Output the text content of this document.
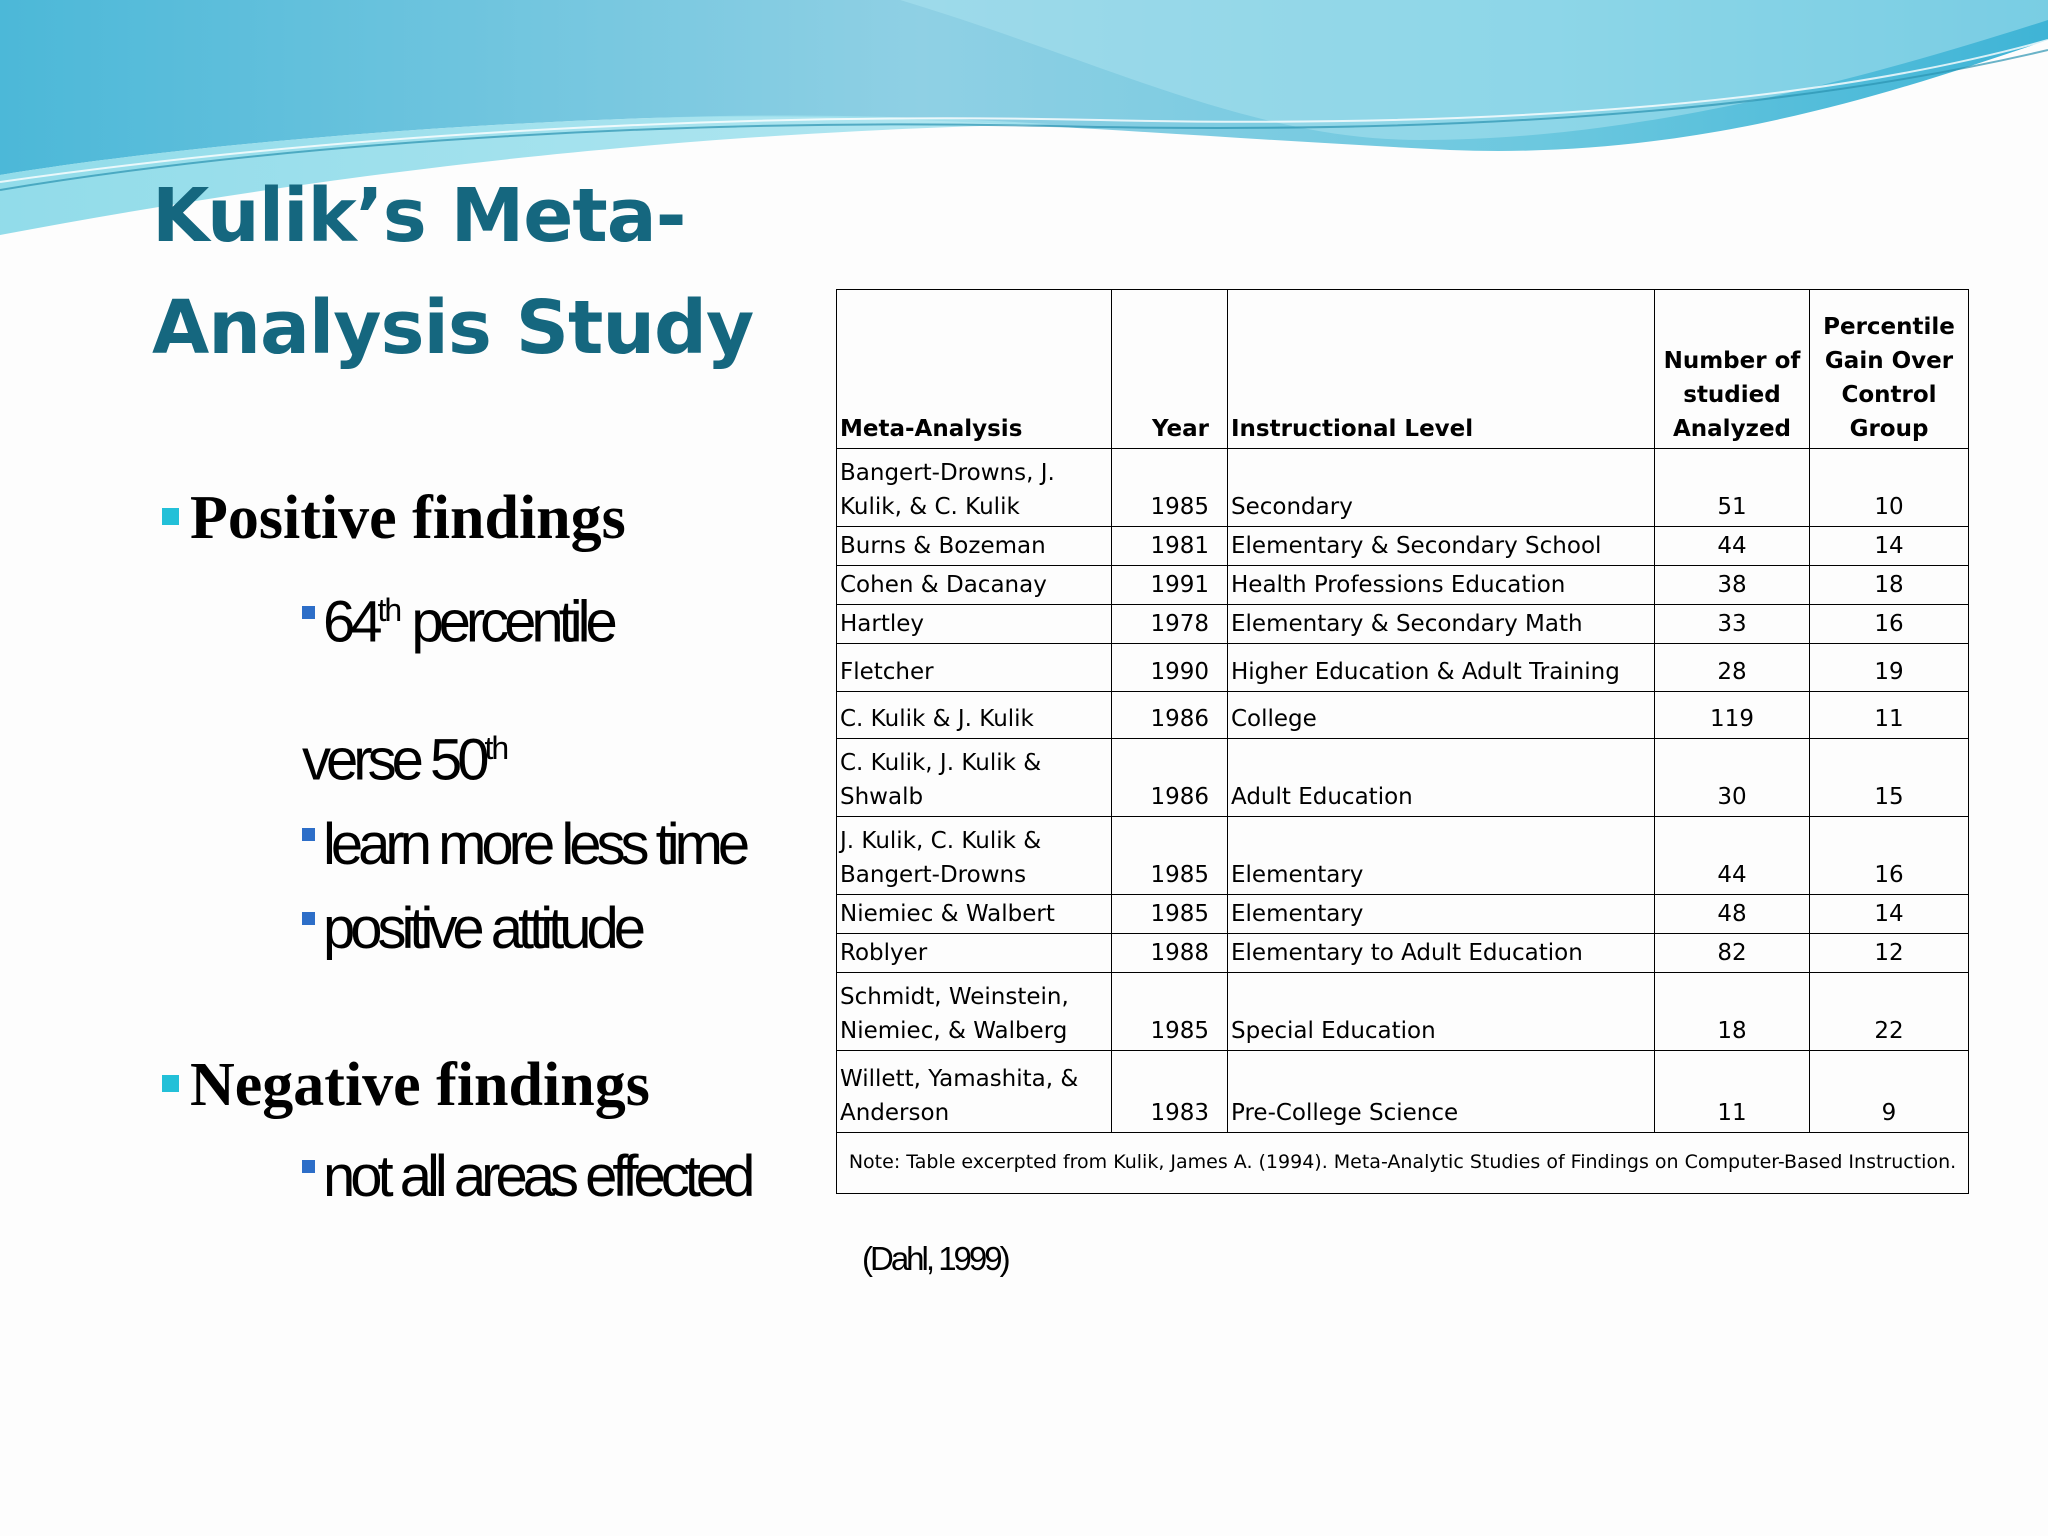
Kulik’s Meta-Analysis Study
Positive findings
64th percentile

verse 50th
learn more less time
positive attitude
Negative findings
not all areas effected
Meta-Analysis	Year	Instructional Level	Number of studied Analyzed	Percentile Gain Over Control Group
Bangert-Drowns, J. Kulik, & C. Kulik	1985	Secondary	51	10
Burns & Bozeman	1981	Elementary & Secondary School	44	14
Cohen & Dacanay	1991	Health Professions Education	38	18
Hartley	1978	Elementary & Secondary Math	33	16
Fletcher	1990	Higher Education & Adult Training	28	19
C. Kulik & J. Kulik	1986	College	119	11
C. Kulik, J. Kulik & Shwalb	1986	Adult Education	30	15
J. Kulik, C. Kulik & Bangert-Drowns	1985	Elementary	44	16
Niemiec & Walbert	1985	Elementary	48	14
Roblyer	1988	Elementary to Adult Education	82	12
Schmidt, Weinstein, Niemiec, & Walberg	1985	Special Education	18	22
Willett, Yamashita, & Anderson	1983	Pre-College Science	11	9
Note: Table excerpted from Kulik, James A. (1994). Meta-Analytic Studies of Findings on Computer-Based Instruction.				
(Dahl, 1999)
